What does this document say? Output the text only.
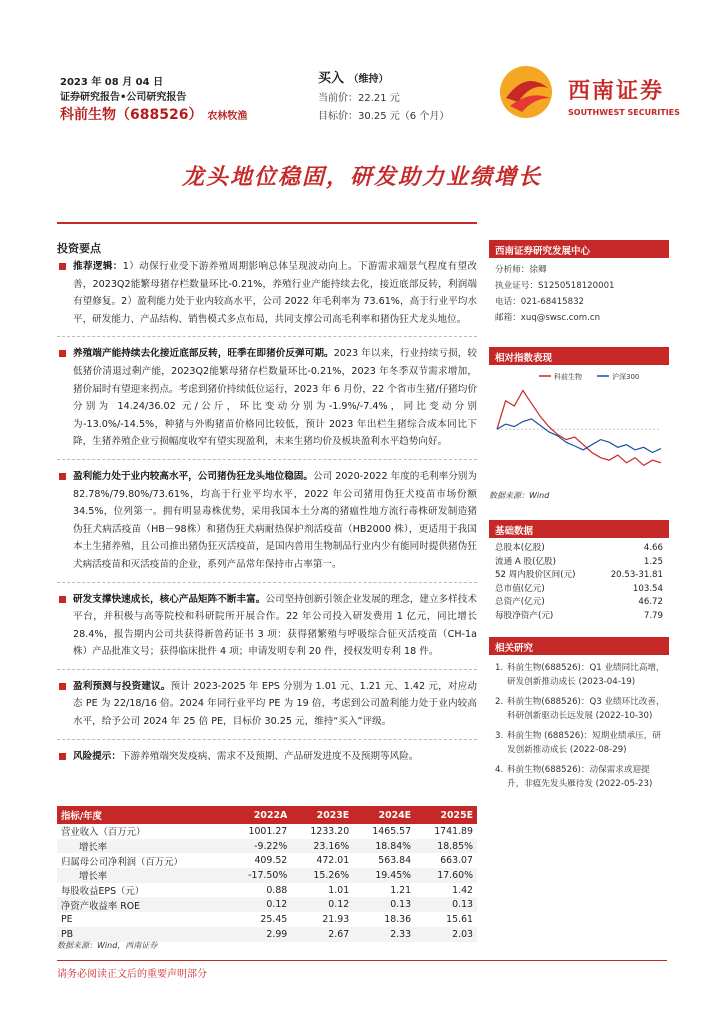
2023 年 08 月 04 日
证券研究报告•公司研究报告
科前生物（688526） 农林牧渔
买入 （维持）
当前价：22.21 元
目标价：30.25 元（6 个月）
西南证券
SOUTHWEST SECURITIES
龙头地位稳固，研发助力业绩增长
投资要点
推荐逻辑：1）动保行业受下游养殖周期影响总体呈现波动向上。下游需求端景气程度有望改善，2023Q2能繁母猪存栏数量环比-0.21%，养殖行业产能持续去化，接近底部反转，利润端有望修复。2）盈利能力处于业内较高水平，公司 2022 年毛利率为 73.61%，高于行业平均水平，研发能力、产品结构、销售模式多点布局，共同支撑公司高毛利率和猪伪狂犬龙头地位。
养殖端产能持续去化接近底部反转，旺季在即猪价反弹可期。2023 年以来，行业持续亏损，较低猪价清退过剩产能，2023Q2能繁母猪存栏数量环比-0.21%，2023 年冬季双节需求增加，猪价届时有望迎来拐点。考虑到猪价持续低位运行，2023 年 6 月份，22 个省市生猪/仔猪均价分别为 14.24/36.02 元/公斤，环比变动分别为-1.9%/-7.4%，同比变动分别为-13.0%/-14.5%，种猪与外购猪苗价格同比较低，预计 2023 年出栏生猪综合成本同比下降，生猪养殖企业亏损幅度收窄有望实现盈利，未来生猪均价及板块盈利水平趋势向好。
盈利能力处于业内较高水平，公司猪伪狂龙头地位稳固。公司 2020-2022 年度的毛利率分别为 82.78%/79.80%/73.61%，均高于行业平均水平，2022 年公司猪用伪狂犬疫苗市场份额 34.5%，位列第一。拥有明显毒株优势，采用我国本土分离的猪瘟性地方流行毒株研发制造猪伪狂犬病活疫苗（HB－98株）和猪伪狂犬病耐热保护剂活疫苗（HB2000 株），更适用于我国本土生猪养殖，且公司推出猪伪狂灭活疫苗，是国内兽用生物制品行业内少有能同时提供猪伪狂犬病活疫苗和灭活疫苗的企业，系列产品常年保持市占率第一。
研发支撑快速成长，核心产品矩阵不断丰富。公司坚持创新引领企业发展的理念，建立多样技术平台，并积极与高等院校和科研院所开展合作。22 年公司投入研发费用 1 亿元，同比增长 28.4%，报告期内公司共获得新兽药证书 3 项：获得猪繁殖与呼吸综合征灭活疫苗（CH-1a 株）产品批准文号；获得临床批件 4 项；申请发明专利 20 件，授权发明专利 18 件。
盈利预测与投资建议。预计 2023-2025 年 EPS 分别为 1.01 元、1.21 元、1.42 元，对应动态 PE 为 22/18/16 倍。2024 年同行业平均 PE 为 19 倍，考虑到公司盈利能力处于业内较高水平，给予公司 2024 年 25 倍 PE，目标价 30.25 元，维持“买入”评级。
风险提示：下游养殖端突发疫病、需求不及预期、产品研发进度不及预期等风险。
指标/年度	2022A	2023E	2024E	2025E
营业收入（百万元）	1001.27	1233.20	1465.57	1741.89
增长率	-9.22%	23.16%	18.84%	18.85%
归属母公司净利润（百万元）	409.52	472.01	563.84	663.07
增长率	-17.50%	15.26%	19.45%	17.60%
每股收益EPS（元）	0.88	1.01	1.21	1.42
净资产收益率 ROE	0.12	0.12	0.13	0.13
PE	25.45	21.93	18.36	15.61
PB	2.99	2.67	2.33	2.03
数据来源：Wind，西南证券
西南证券研究发展中心
分析师：徐卿
执业证号：S1250518120001
电话：021-68415832
邮箱：xuq@swsc.com.cn
相对指数表现
科前生物	沪深300
数据来源：Wind
基础数据
总股本(亿股)	4.66
流通 A 股(亿股)	1.25
52 周内股价区间(元)	20.53-31.81
总市值(亿元)	103.54
总资产(亿元)	46.72
每股净资产(元)	7.79
相关研究
1. 科前生物(688526)：Q1 业绩同比高增，研发创新推动成长 (2023-04-19)
2. 科前生物(688526)：Q3 业绩环比改善，科研创新驱动长远发展 (2022-10-30)
3. 科前生物 (688526)：短期业绩承压，研发创新推动成长 (2022-08-29)
4. 科前生物(688526)：动保需求或迎提升，非瘟先发头雁待发 (2022-05-23)
请务必阅读正文后的重要声明部分
